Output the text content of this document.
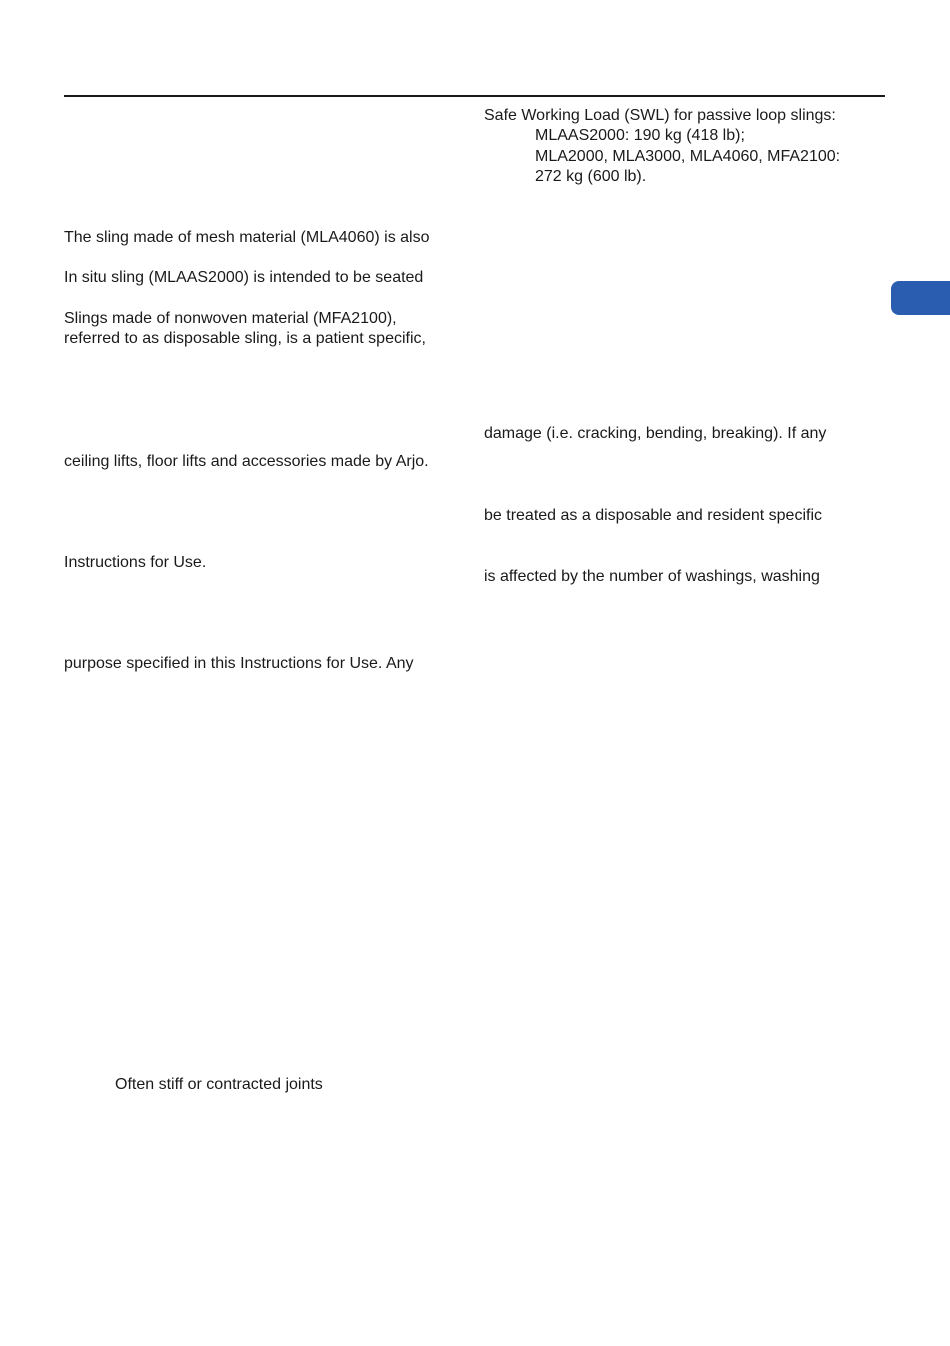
The sling made of mesh material (MLA4060) is also

In situ sling (MLAAS2000) is intended to be seated

Slings made of nonwoven material (MFA2100),

referred to as disposable sling, is a patient specific,

ceiling lifts, floor lifts and accessories made by Arjo.

Instructions for Use.

purpose specified in this Instructions for Use. Any

Often stiff or contracted joints

Safe Working Load (SWL) for passive loop slings:

MLAAS2000: 190 kg (418 lb);

MLA2000, MLA3000, MLA4060, MFA2100:

272 kg (600 lb).

damage (i.e. cracking, bending, breaking). If any

be treated as a disposable and resident specific

is affected by the number of washings, washing
